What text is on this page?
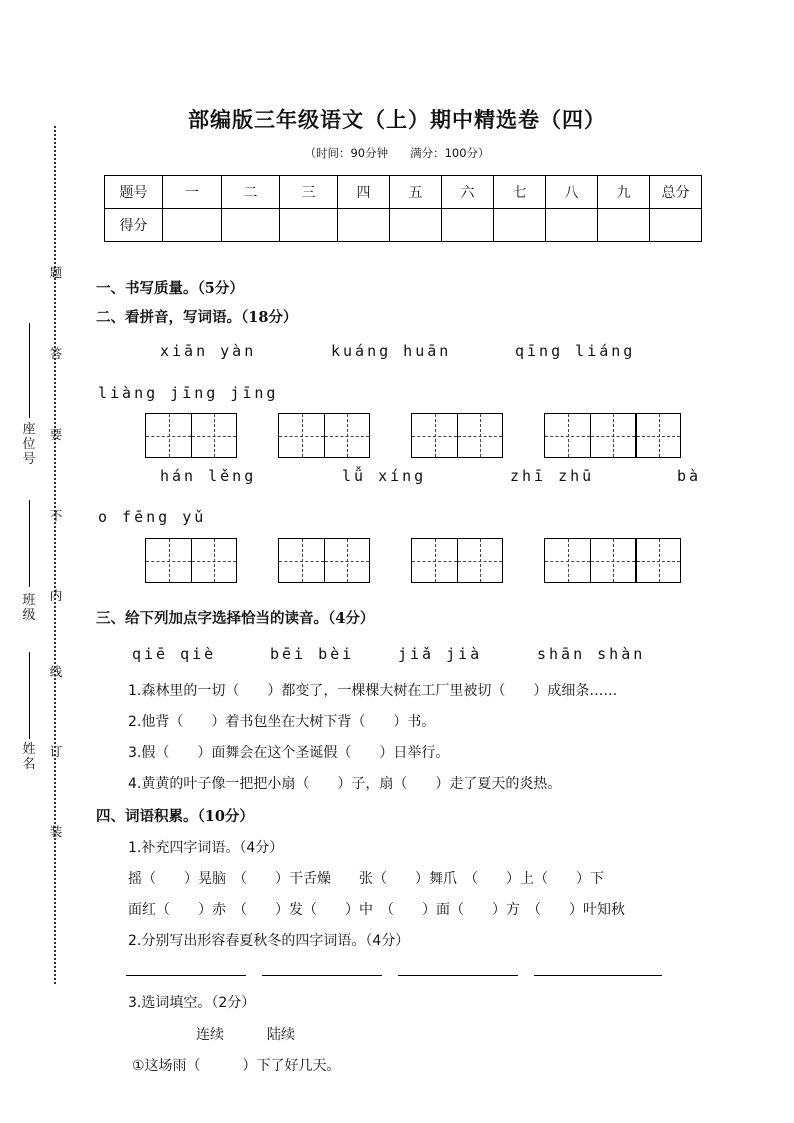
题
答
要
不
内
线
订
装
座位号
班级
姓名
部编版三年级语文（上）期中精选卷（四）
（时间：90分钟 满分：100分）
题号	一	二	三	四	五	六	七	八	九	总分
得分										
一、书写质量。（5分）
二、看拼音，写词语。（18分）
xiān yàn	kuáng huān	qīng liáng
liàng jīng jīng
hán lěng	lǚ xíng	zhī zhū	bà
o fēng yǔ
三、给下列加点字选择恰当的读音。（4分）
qiē qiè	bēi bèi	jiǎ jià	shān shàn
1.森林里的一切（　　）都变了，一棵棵大树在工厂里被切（　　）成细条……
2.他背（　　）着书包坐在大树下背（　　）书。
3.假（　　）面舞会在这个圣诞假（　　）日举行。
4.黄黄的叶子像一把把小扇（　　）子，扇（　　）走了夏天的炎热。
四、词语积累。（10分）
1.补充四字词语。（4分）
摇（　　）晃脑　（　　）干舌燥　　张（　　）舞爪　（　　）上（　　）下
面红（　　）赤　（　　）发（　　）中　（　　）面（　　）方　（　　）叶知秋
2.分别写出形容春夏秋冬的四字词语。（4分）
3.选词填空。（2分）
连续	陆续
①这场雨（　　　）下了好几天。
